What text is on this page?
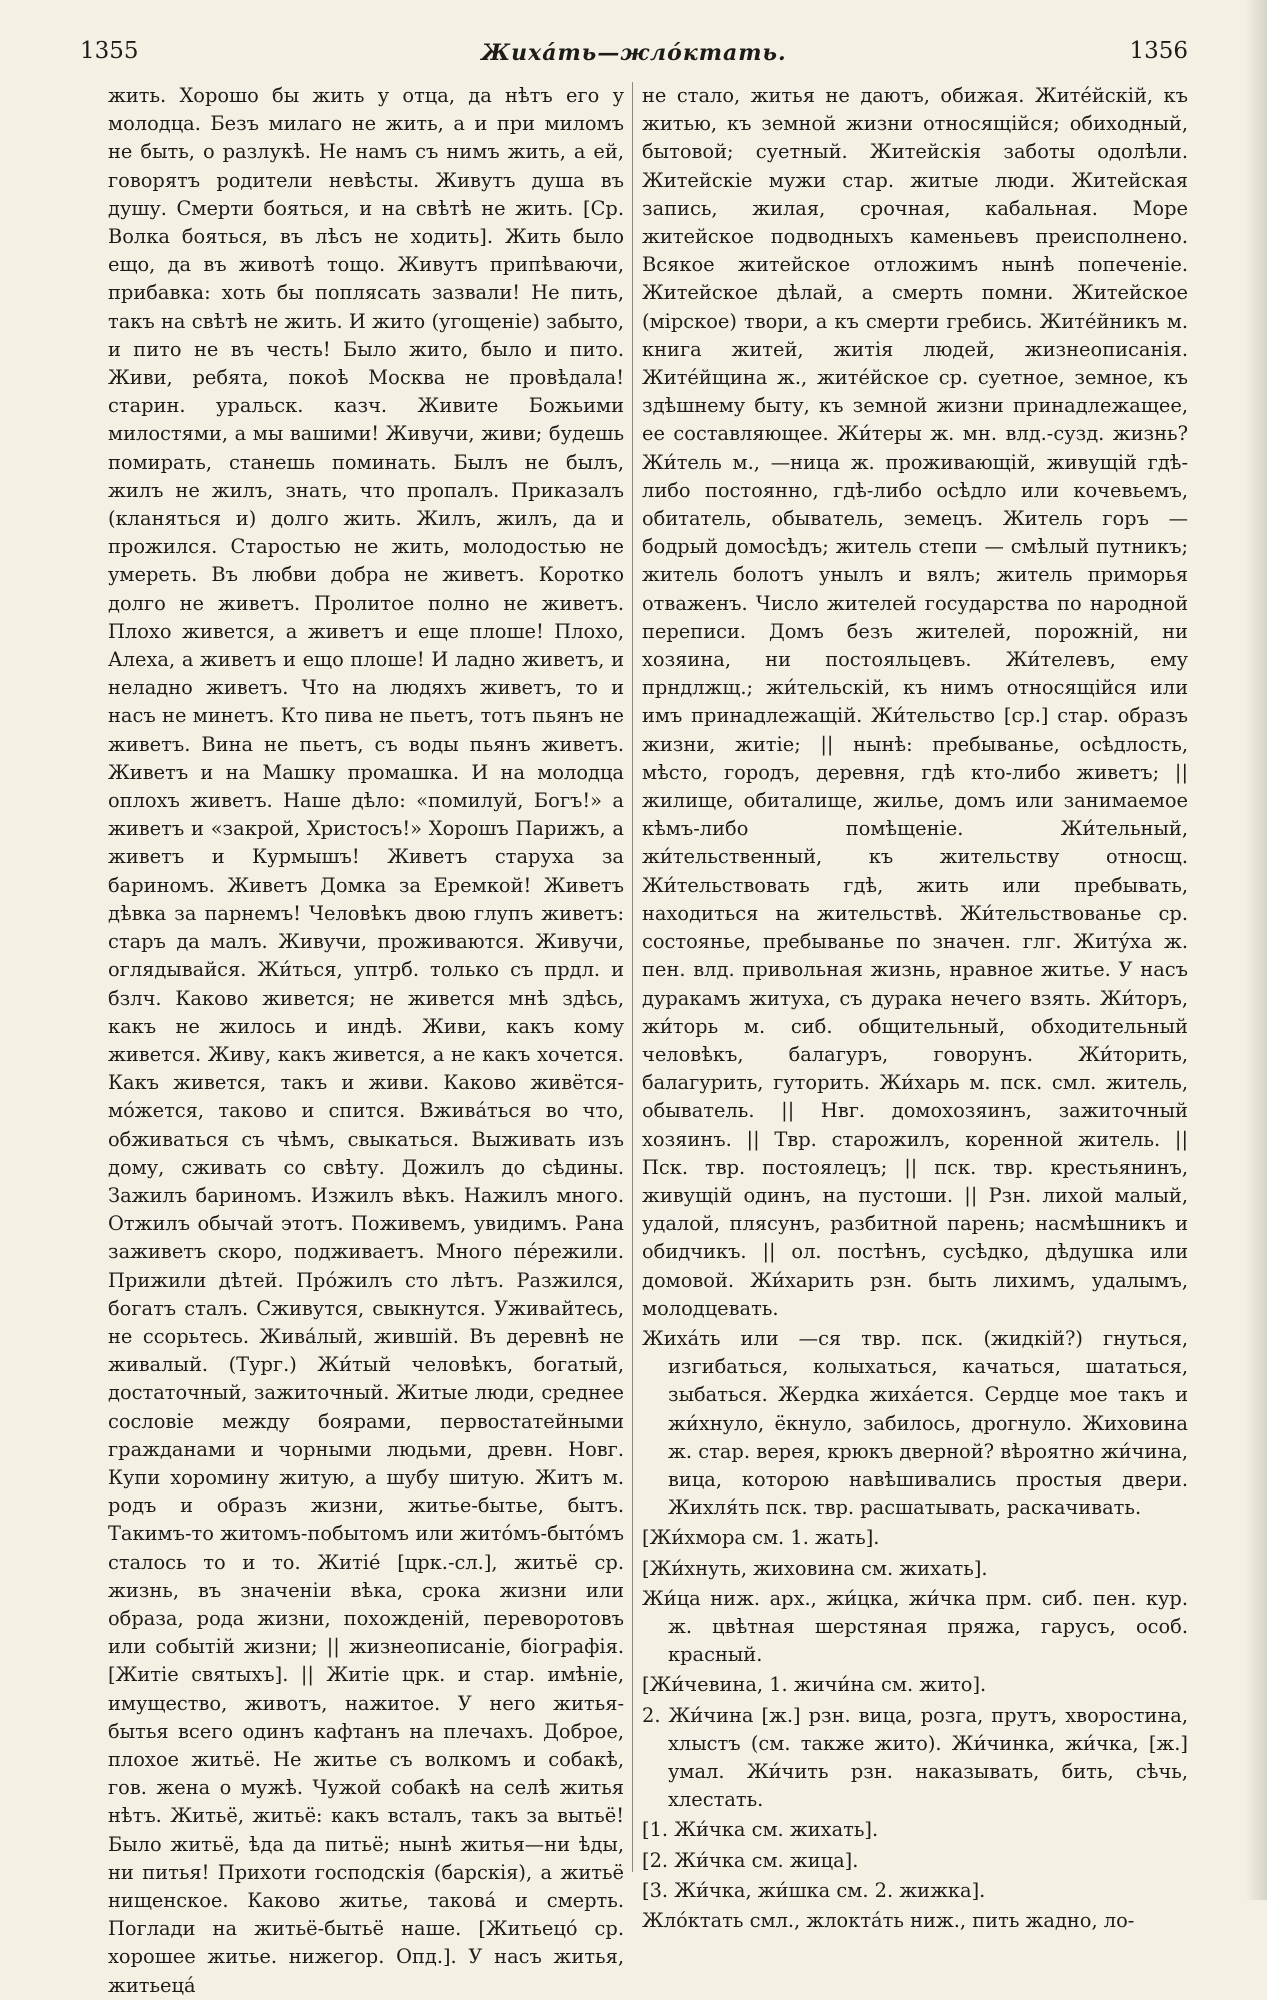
1355	Жихáть—жлóктать.	1356

жить. Хорошо бы жить у отца, да нѣтъ его у молодца. Безъ милаго не жить, а и при миломъ не быть, о разлукѣ. Не намъ съ нимъ жить, а ей, говорятъ родители невѣсты. Живутъ душа въ душу. Смерти бояться, и на свѣтѣ не жить. [Ср. Волка бояться, въ лѣсъ не ходить]. Жить было ещо, да въ животѣ тощо. Живутъ припѣваючи, прибавка: хоть бы поплясать зазвали! Не пить, такъ на свѣтѣ не жить. И жито (угощеніе) забыто, и пито не въ честь! Было жито, было и пито. Живи, ребята, покоѣ Москва не провѣдала! старин. уральск. казч. Живите Божьими милостями, а мы вашими! Живучи, живи; будешь помирать, станешь поминать. Былъ не былъ, жилъ не жилъ, знать, что пропалъ. Приказалъ (кланяться и) долго жить. Жилъ, жилъ, да и прожился. Старостью не жить, молодостью не умереть. Въ любви добра не живетъ. Коротко долго не живетъ. Пролитое полно не живетъ. Плохо живется, а живетъ и еще плоше! Плохо, Алеха, а живетъ и ещо плоше! И ладно живетъ, и неладно живетъ. Что на людяхъ живетъ, то и насъ не минетъ. Кто пива не пьетъ, тотъ пьянъ не живетъ. Вина не пьетъ, съ воды пьянъ живетъ. Живетъ и на Машку промашка. И на молодца оплохъ живетъ. Наше дѣло: «помилуй, Богъ!» а живетъ и «закрой, Христосъ!» Хорошъ Парижъ, а живетъ и Курмышъ! Живетъ старуха за бариномъ. Живетъ Домка за Еремкой! Живетъ дѣвка за парнемъ! Человѣкъ двою глупъ живетъ: старъ да малъ. Живучи, проживаются. Живучи, оглядывайся. Жи́ться, уптрб. только съ прдл. и бзлч. Каково живется; не живется мнѣ здѣсь, какъ не жилось и индѣ. Живи, какъ кому живется. Живу, какъ живется, а не какъ хочется. Какъ живется, такъ и живи. Каково живётся-мóжется, таково и спится. Вживáться во что, обживаться съ чѣмъ, свыкаться. Выживать изъ дому, сживать со свѣту. Дожилъ до сѣдины. Зажилъ бариномъ. Изжилъ вѣкъ. Нажилъ много. Отжилъ обычай этотъ. Поживемъ, увидимъ. Рана заживетъ скоро, подживаетъ. Много пéрежили. Прижили дѣтей. Прóжилъ сто лѣтъ. Разжился, богатъ сталъ. Сживутся, свыкнутся. Уживайтесь, не ссорьтесь. Жива́лый, жившій. Въ деревнѣ не живалый. (Тург.) Жи́тый человѣкъ, богатый, достаточный, зажиточный. Житые люди, среднее сословіе между боярами, первостатейными гражданами и чорными людьми, древн. Новг. Купи хоромину житую, а шубу шитую. Житъ м. родъ и образъ жизни, житье-бытье, бытъ. Такимъ-то житомъ-побытомъ или житóмъ-бытóмъ сталось то и то. Житіé [црк.-сл.], житьё ср. жизнь, въ значеніи вѣка, срока жизни или образа, рода жизни, похожденій, переворотовъ или событій жизни; || жизнеописаніе, біографія. [Житіе святыхъ]. || Житіе црк. и стар. имѣніе, имущество, животъ, нажитое. У него житья-бытья всего одинъ кафтанъ на плечахъ. Доброе, плохое житьё. Не житье съ волкомъ и собакѣ, гов. жена о мужѣ. Чужой собакѣ на селѣ житья нѣтъ. Житьё, житьё: какъ всталъ, такъ за вытьё! Было житьё, ѣда да питьё; нынѣ житья—ни ѣды, ни питья! Прихоти господскія (барскія), а житьё нищенское. Каково житье, такова́ и смерть. Поглади на житьё-бытьё наше. [Житьецó ср. хорошее житье. нижегор. Опд.]. У насъ житья, житьецá

не стало, житья не даютъ, обижая. Житéйскій, къ житью, къ земной жизни относящійся; обиходный, бытовой; суетный. Житейскія заботы одолѣли. Житейскіе мужи стар. житые люди. Житейская запись, жилая, срочная, кабальная. Море житейское подводныхъ каменьевъ преисполнено. Всякое житейское отложимъ нынѣ попеченіе. Житейское дѣлай, а смерть помни. Житейское (мірское) твори, а къ смерти гребись. Житéйникъ м. книга житей, житія людей, жизнеописанія. Житéйщина ж., житéйское ср. суетное, земное, къ здѣшнему быту, къ земной жизни принадлежащее, ее составляющее. Жи́теры ж. мн. влд.-сузд. жизнь? Жи́тель м., —ница ж. проживающій, живущій гдѣ-либо постоянно, гдѣ-либо осѣдло или кочевьемъ, обитатель, обыватель, земецъ. Житель горъ — бодрый домосѣдъ; житель степи — смѣлый путникъ; житель болотъ унылъ и вялъ; житель приморья отваженъ. Число жителей государства по народной переписи. Домъ безъ жителей, порожній, ни хозяина, ни постояльцевъ. Жи́телевъ, ему прндлжщ.; жи́тельскій, къ нимъ относящійся или имъ принадлежащій. Жи́тельство [ср.] стар. образъ жизни, житіе; || нынѣ: пребыванье, осѣдлость, мѣсто, городъ, деревня, гдѣ кто-либо живетъ; || жилище, обиталище, жилье, домъ или занимаемое кѣмъ-либо помѣщеніе. Жи́тельный, жи́тельственный, къ жительству относщ. Жи́тельствовать гдѣ, жить или пребывать, находиться на жительствѣ. Жи́тельствованье ср. состоянье, пребыванье по значен. глг. Житýха ж. пен. влд. привольная жизнь, нравное житье. У насъ дуракамъ житуха, съ дурака нечего взять. Жи́торъ, жи́торь м. сиб. общительный, обходительный человѣкъ, балагуръ, говорунъ. Жи́торить, балагурить, гуторить. Жи́харь м. пск. смл. житель, обыватель. || Нвг. домохозяинъ, зажиточный хозяинъ. || Твр. старожилъ, коренной житель. || Пск. твр. постоялецъ; || пск. твр. крестьянинъ, живущій одинъ, на пустоши. || Рзн. лихой малый, удалой, плясунъ, разбитной парень; насмѣшникъ и обидчикъ. || ол. постѣнъ, сусѣдко, дѣдушка или домовой. Жи́харить рзн. быть лихимъ, удалымъ, молодцевать.

Жихáть или —ся твр. пск. (жидкій?) гнуться, изгибаться, колыхаться, качаться, шататься, зыбаться. Жердка жихáется. Сердце мое такъ и жи́хнуло, ёкнуло, забилось, дрогнуло. Жиховина ж. стар. верея, крюкъ дверной? вѣроятно жи́чина, вица, которою навѣшивались простыя двери. Жихля́ть пск. твр. расшатывать, раскачивать.

[Жи́хмора см. 1. жать].

[Жи́хнуть, жиховина см. жихать].

Жи́ца ниж. арх., жи́цка, жи́чка прм. сиб. пен. кур. ж. цвѣтная шерстяная пряжа, гарусъ, особ. красный.

[Жи́чевина, 1. жичи́на см. жито].

2. Жи́чина [ж.] рзн. вица, розга, прутъ, хворостина, хлыстъ (см. также жито). Жи́чинка, жи́чка, [ж.] умал. Жи́чить рзн. наказывать, бить, сѣчь, хлестать.

[1. Жи́чка см. жихать].

[2. Жи́чка см. жица].

[3. Жи́чка, жи́шка см. 2. жижка].

Жлóктать смл., жлоктáть ниж., пить жадно, ло-
